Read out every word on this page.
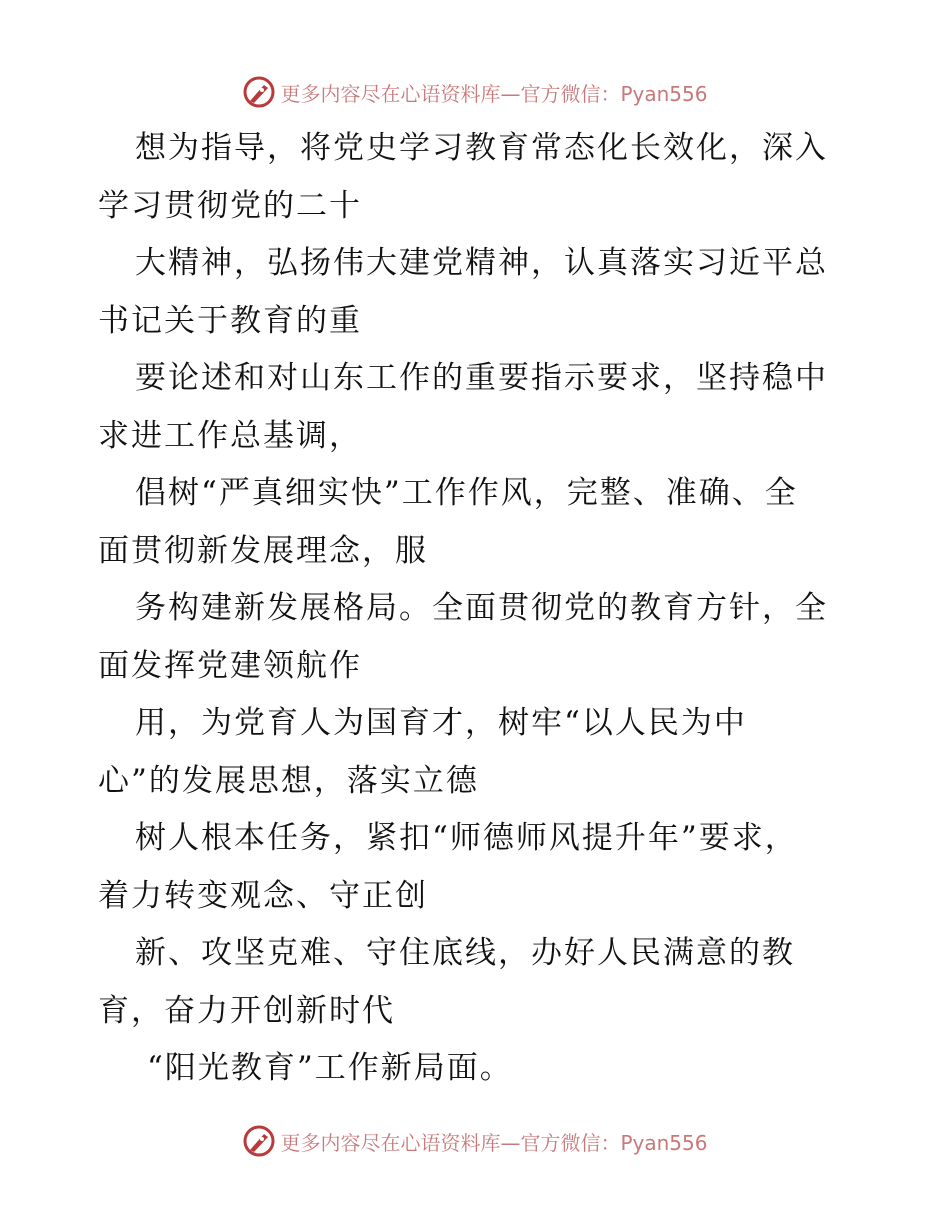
更多内容尽在心语资料库—官方微信：Pyan556
想为指导，将党史学习教育常态化长效化，深入
学习贯彻党的二十
大精神，弘扬伟大建党精神，认真落实习近平总
书记关于教育的重
要论述和对山东工作的重要指示要求，坚持稳中
求进工作总基调，
倡树“严真细实快”工作作风，完整、准确、全
面贯彻新发展理念，服
务构建新发展格局。全面贯彻党的教育方针，全
面发挥党建领航作
用，为党育人为国育才，树牢“以人民为中
心”的发展思想，落实立德
树人根本任务，紧扣“师德师风提升年”要求，
着力转变观念、守正创
新、攻坚克难、守住底线，办好人民满意的教
育，奋力开创新时代
“阳光教育”工作新局面。
更多内容尽在心语资料库—官方微信：Pyan556
